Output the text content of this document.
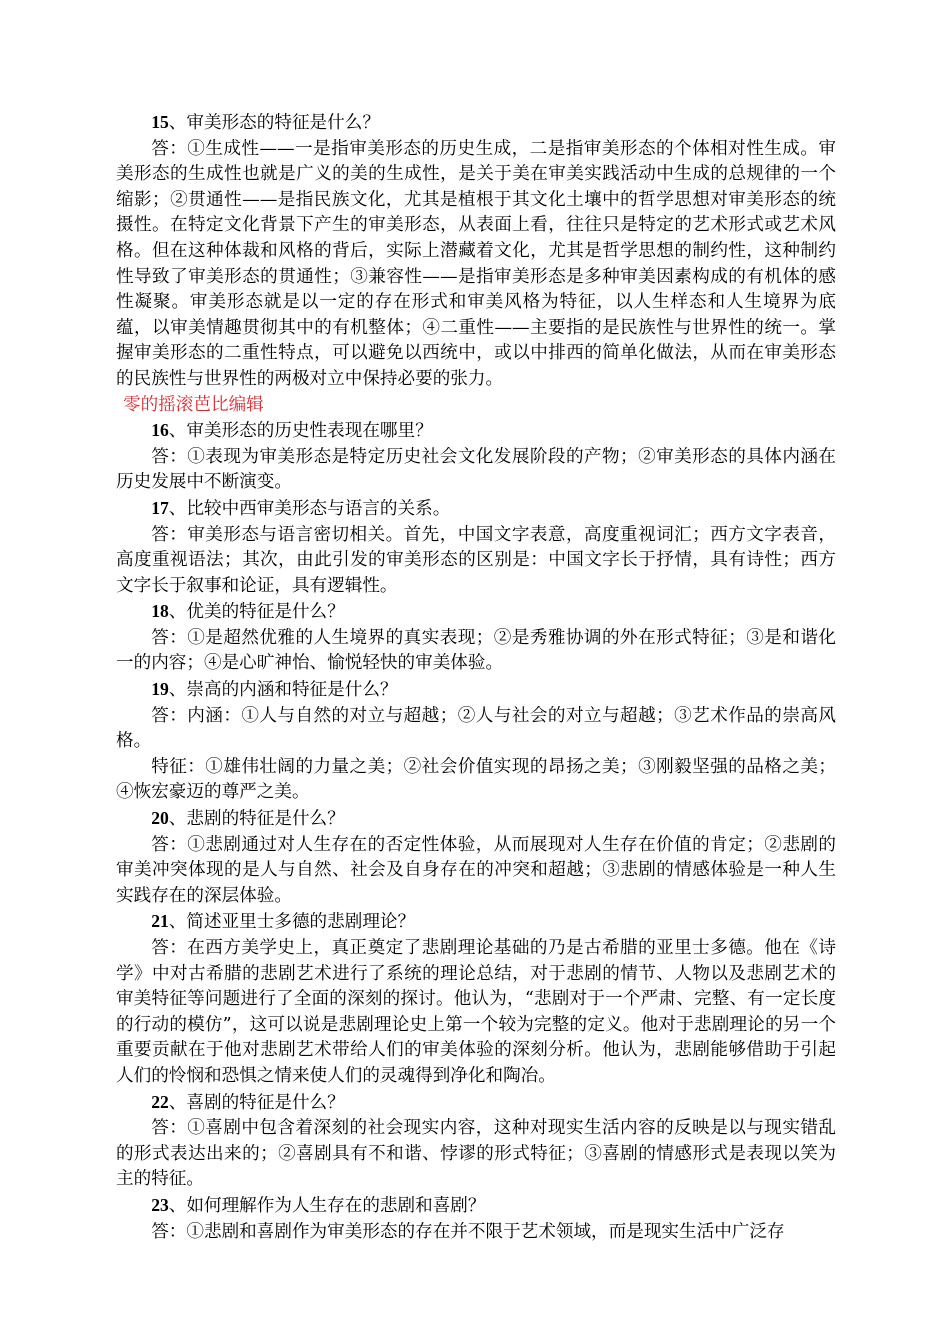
15、审美形态的特征是什么？

答：①生成性——一是指审美形态的历史生成，二是指审美形态的个体相对性生成。审美形态的生成性也就是广义的美的生成性，是关于美在审美实践活动中生成的总规律的一个缩影；②贯通性——是指民族文化，尤其是植根于其文化土壤中的哲学思想对审美形态的统摄性。在特定文化背景下产生的审美形态，从表面上看，往往只是特定的艺术形式或艺术风格。但在这种体裁和风格的背后，实际上潜藏着文化，尤其是哲学思想的制约性，这种制约性导致了审美形态的贯通性；③兼容性——是指审美形态是多种审美因素构成的有机体的感性凝聚。审美形态就是以一定的存在形式和审美风格为特征，以人生样态和人生境界为底蕴，以审美情趣贯彻其中的有机整体；④二重性——主要指的是民族性与世界性的统一。掌握审美形态的二重性特点，可以避免以西统中，或以中排西的简单化做法，从而在审美形态的民族性与世界性的两极对立中保持必要的张力。

零的摇滚芭比编辑

16、审美形态的历史性表现在哪里？

答：①表现为审美形态是特定历史社会文化发展阶段的产物；②审美形态的具体内涵在历史发展中不断演变。

17、比较中西审美形态与语言的关系。

答：审美形态与语言密切相关。首先，中国文字表意，高度重视词汇；西方文字表音，高度重视语法；其次，由此引发的审美形态的区别是：中国文字长于抒情，具有诗性；西方文字长于叙事和论证，具有逻辑性。

18、优美的特征是什么？

答：①是超然优雅的人生境界的真实表现；②是秀雅协调的外在形式特征；③是和谐化一的内容；④是心旷神怡、愉悦轻快的审美体验。

19、崇高的内涵和特征是什么？

答：内涵：①人与自然的对立与超越；②人与社会的对立与超越；③艺术作品的崇高风格。

特征：①雄伟壮阔的力量之美；②社会价值实现的昂扬之美；③刚毅坚强的品格之美；④恢宏豪迈的尊严之美。

20、悲剧的特征是什么？

答：①悲剧通过对人生存在的否定性体验，从而展现对人生存在价值的肯定；②悲剧的审美冲突体现的是人与自然、社会及自身存在的冲突和超越；③悲剧的情感体验是一种人生实践存在的深层体验。

21、简述亚里士多德的悲剧理论？

答：在西方美学史上，真正奠定了悲剧理论基础的乃是古希腊的亚里士多德。他在《诗学》中对古希腊的悲剧艺术进行了系统的理论总结，对于悲剧的情节、人物以及悲剧艺术的审美特征等问题进行了全面的深刻的探讨。他认为，“悲剧对于一个严肃、完整、有一定长度的行动的模仿”，这可以说是悲剧理论史上第一个较为完整的定义。他对于悲剧理论的另一个重要贡献在于他对悲剧艺术带给人们的审美体验的深刻分析。他认为，悲剧能够借助于引起人们的怜悯和恐惧之情来使人们的灵魂得到净化和陶冶。

22、喜剧的特征是什么？

答：①喜剧中包含着深刻的社会现实内容，这种对现实生活内容的反映是以与现实错乱的形式表达出来的；②喜剧具有不和谐、悖谬的形式特征；③喜剧的情感形式是表现以笑为主的特征。

23、如何理解作为人生存在的悲剧和喜剧？

答：①悲剧和喜剧作为审美形态的存在并不限于艺术领域，而是现实生活中广泛存
